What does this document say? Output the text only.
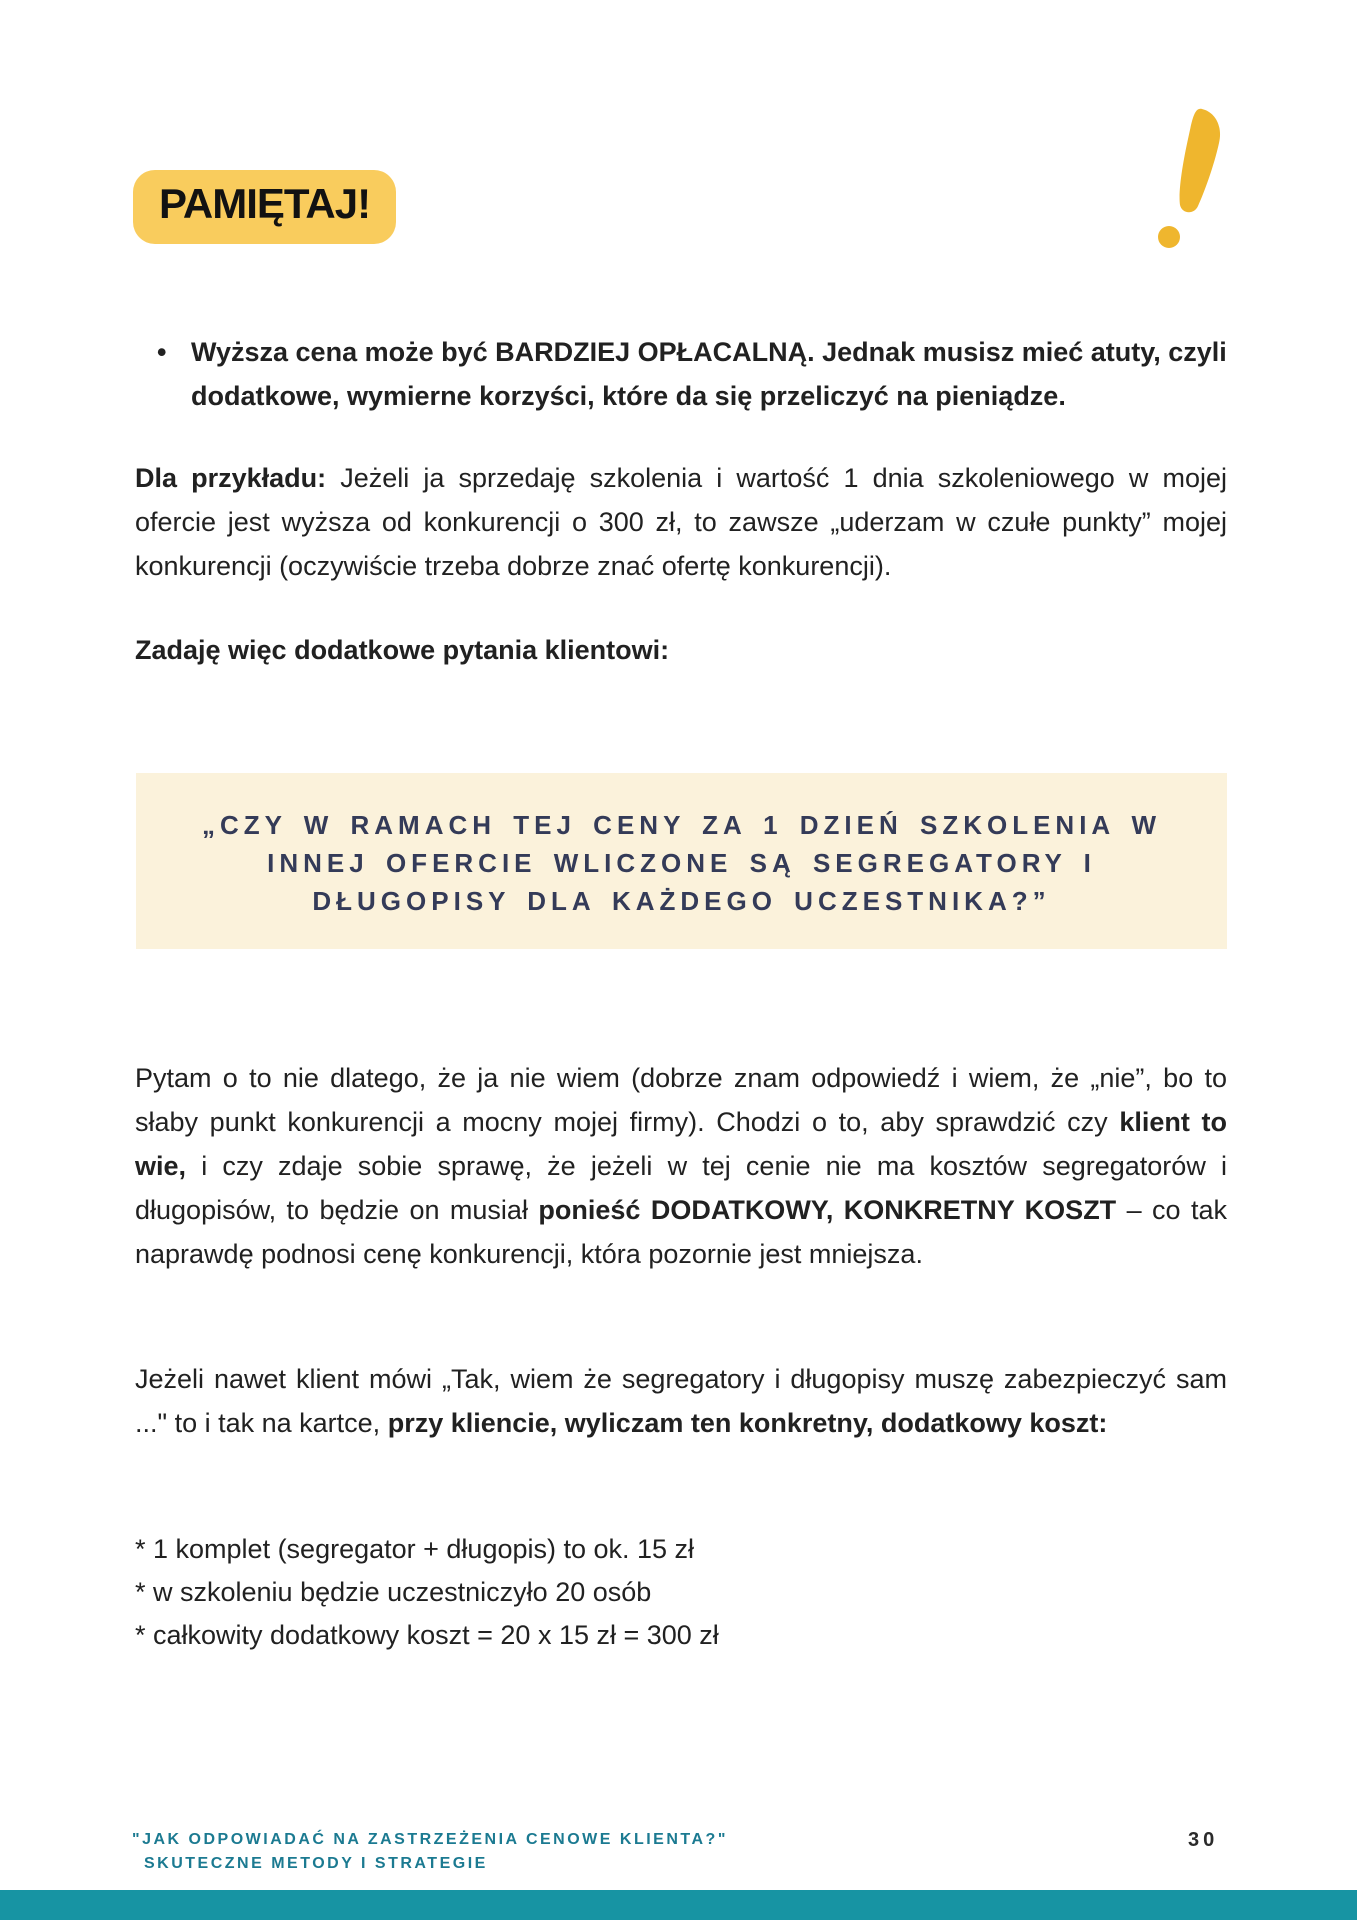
PAMIĘTAJ!
• Wyższa cena może być BARDZIEJ OPŁACALNĄ. Jednak musisz mieć atuty, czyli dodatkowe, wymierne korzyści, które da się przeliczyć na pieniądze.

Dla przykładu: Jeżeli ja sprzedaję szkolenia i wartość 1 dnia szkoleniowego w mojej ofercie jest wyższa od konkurencji o 300 zł, to zawsze „uderzam w czułe punkty” mojej konkurencji (oczywiście trzeba dobrze znać ofertę konkurencji).

Zadaję więc dodatkowe pytania klientowi:

„CZY W RAMACH TEJ CENY ZA 1 DZIEŃ SZKOLENIA W INNEJ OFERCIE WLICZONE SĄ SEGREGATORY I DŁUGOPISY DLA KAŻDEGO UCZESTNIKA?”

Pytam o to nie dlatego, że ja nie wiem (dobrze znam odpowiedź i wiem, że „nie”, bo to słaby punkt konkurencji a mocny mojej firmy). Chodzi o to, aby sprawdzić czy klient to wie, i czy zdaje sobie sprawę, że jeżeli w tej cenie nie ma kosztów segregatorów i długopisów, to będzie on musiał ponieść DODATKOWY, KONKRETNY KOSZT – co tak naprawdę podnosi cenę konkurencji, która pozornie jest mniejsza.

Jeżeli nawet klient mówi „Tak, wiem że segregatory i długopisy muszę zabezpieczyć sam ..." to i tak na kartce, przy kliencie, wyliczam ten konkretny, dodatkowy koszt:

* 1 komplet (segregator + długopis) to ok. 15 zł

* w szkoleniu będzie uczestniczyło 20 osób

* całkowity dodatkowy koszt = 20 x 15 zł = 300 zł

"JAK ODPOWIADAĆ NA ZASTRZEŻENIA CENOWE KLIENTA?"
SKUTECZNE METODY I STRATEGIE
30
